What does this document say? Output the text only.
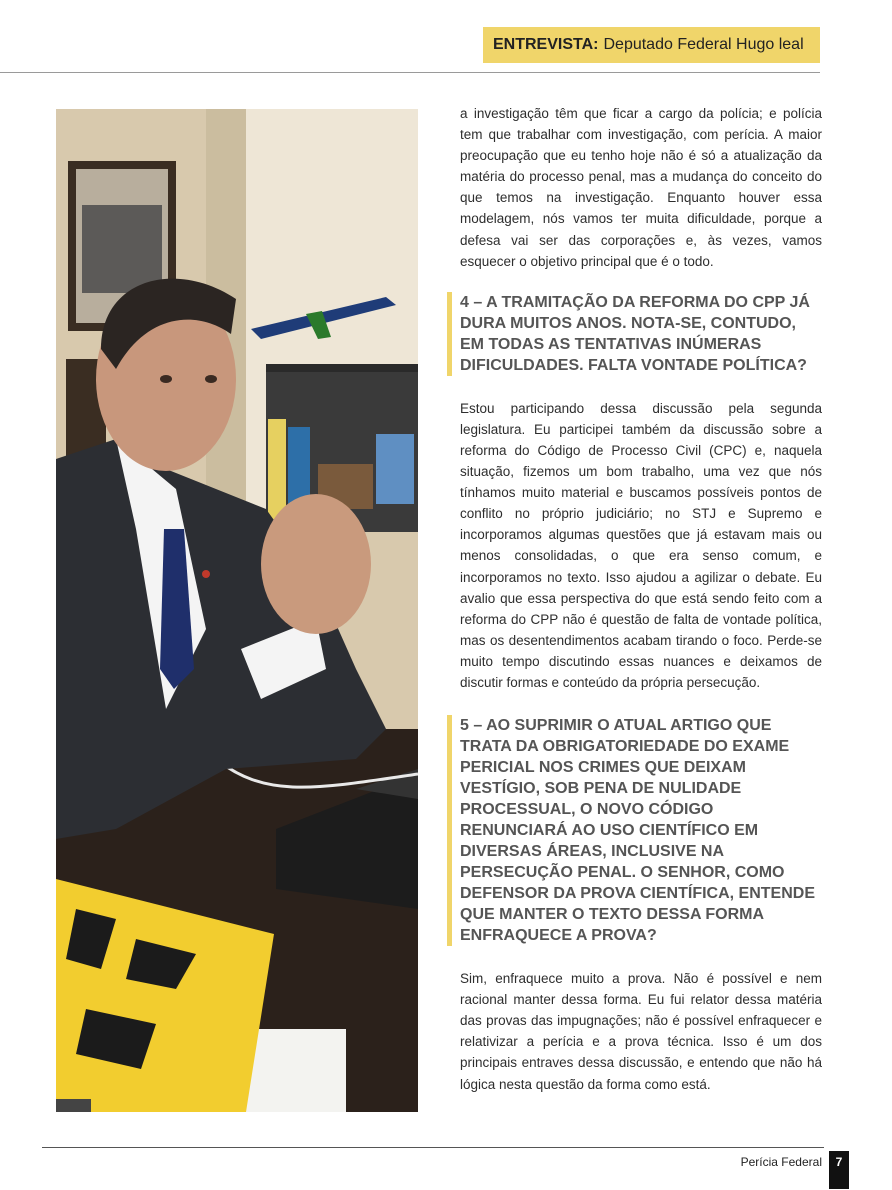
ENTREVISTA: Deputado Federal Hugo leal

a investigação têm que ficar a cargo da polícia; e polícia tem que trabalhar com investigação, com perícia. A maior preocupação que eu tenho hoje não é só a atualização da matéria do processo penal, mas a mudança do conceito do que temos na investigação. Enquanto houver essa modelagem, nós vamos ter muita dificuldade, porque a defesa vai ser das corporações e, às vezes, vamos esquecer o objetivo principal que é o todo.

4 – A TRAMITAÇÃO DA REFORMA DO CPP JÁ DURA MUITOS ANOS. NOTA-SE, CONTUDO, EM TODAS AS TENTATIVAS INÚMERAS DIFICULDADES. FALTA VONTADE POLÍTICA?

Estou participando dessa discussão pela segunda legislatura. Eu participei também da discussão sobre a reforma do Código de Processo Civil (CPC) e, naquela situação, fizemos um bom trabalho, uma vez que nós tínhamos muito material e buscamos possíveis pontos de conflito no próprio judiciário; no STJ e Supremo e incorporamos algumas questões que já estavam mais ou menos consolidadas, o que era senso comum, e incorporamos no texto. Isso ajudou a agilizar o debate. Eu avalio que essa perspectiva do que está sendo feito com a reforma do CPP não é questão de falta de vontade política, mas os desentendimentos acabam tirando o foco. Perde-se muito tempo discutindo essas nuances e deixamos de discutir formas e conteúdo da própria persecução.

5 – AO SUPRIMIR O ATUAL ARTIGO QUE TRATA DA OBRIGATORIEDADE DO EXAME PERICIAL NOS CRIMES QUE DEIXAM VESTÍGIO, SOB PENA DE NULIDADE PROCESSUAL, O NOVO CÓDIGO RENUNCIARÁ AO USO CIENTÍFICO EM DIVERSAS ÁREAS, INCLUSIVE NA PERSECUÇÃO PENAL. O SENHOR, COMO DEFENSOR DA PROVA CIENTÍFICA, ENTENDE QUE MANTER O TEXTO DESSA FORMA ENFRAQUECE A PROVA?

Sim, enfraquece muito a prova. Não é possível e nem racional manter dessa forma. Eu fui relator dessa matéria das provas das impugnações; não é possível enfraquecer e relativizar a perícia e a prova técnica. Isso é um dos principais entraves dessa discussão, e entendo que não há lógica nesta questão da forma como está.

Perícia Federal	7
